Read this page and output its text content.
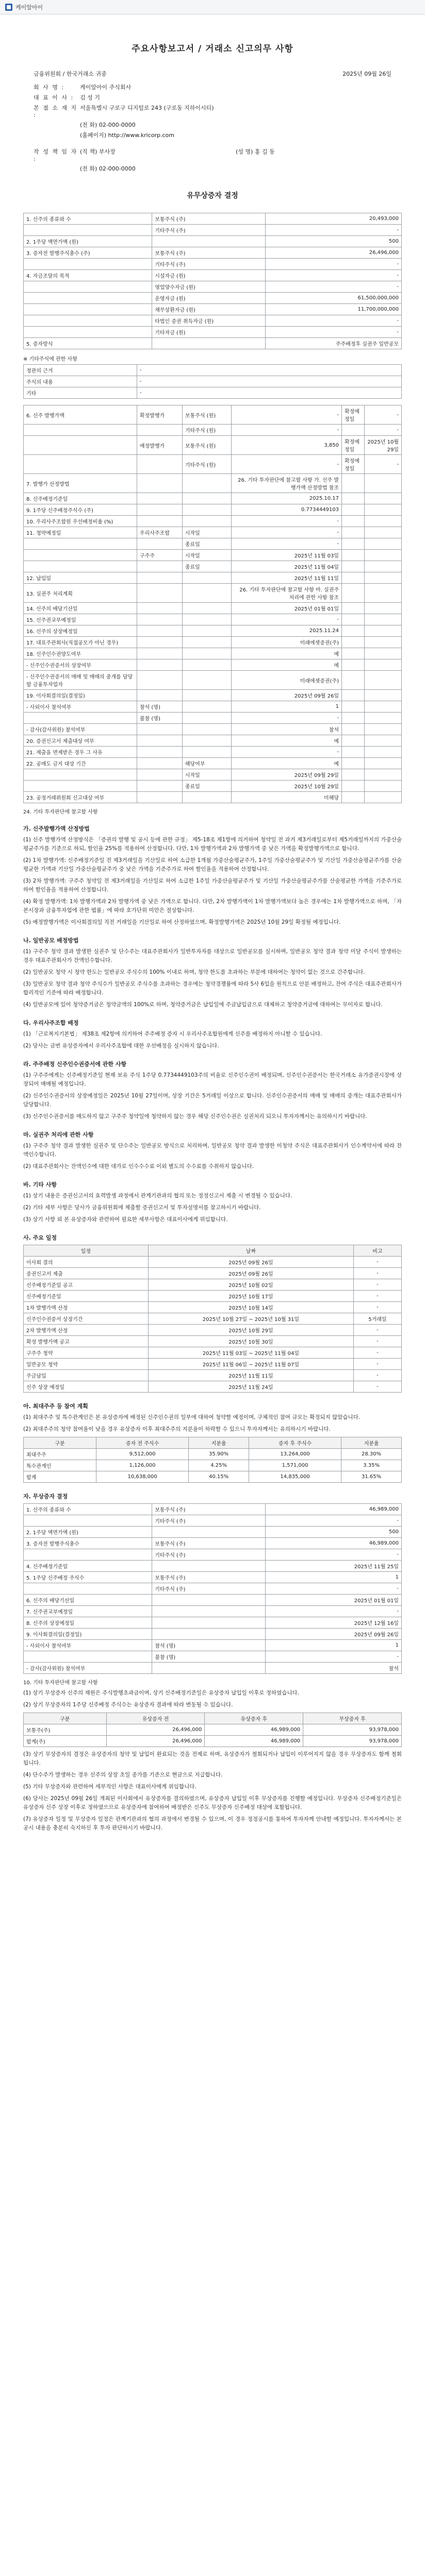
케이알아이
주요사항보고서 / 거래소 신고의무 사항
금융위원회 / 한국거래소 귀중	2025년 09월 26일
회 사 명 :	케이알아이 주식회사
대 표 이 사 :	김 성 기
본 점 소 재 지 :
서울특별시 구로구 디지털로 243 (구로동 지하이시티)
(전 화) 02-000-0000
(홈페이지) http://www.kricorp.com
작 성 책 임 자 :
(직 책) 부사장	(성 명) 홍 길 동
(전 화) 02-000-0000
유무상증자 결정
1. 신주의 종류와 수	보통주식 (주)	20,493,000
	기타주식 (주)	-
2. 1주당 액면가액 (원)		500
3. 증자전 발행주식총수 (주)	보통주식 (주)	26,496,000
	기타주식 (주)	-
4. 자금조달의 목적	시설자금 (원)	-
	영업양수자금 (원)	-
	운영자금 (원)	61,500,000,000
	채무상환자금 (원)	11,700,000,000
	타법인 증권 취득자금 (원)	-
	기타자금 (원)	-
5. 증자방식		주주배정후 실권주 일반공모
※ 기타주식에 관한 사항
정관의 근거	-
주식의 내용	-
기타	-
6. 신주 발행가액	확정발행가	보통주식 (원)	-	확정예정일	-
		기타주식 (원)	-		-
	예정발행가	보통주식 (원)	3,850	확정예정일	2025년 10월 29일
		기타주식 (원)	-	확정예정일	-
7. 발행가 산정방법			26. 기타 투자판단에 참고할 사항 가. 신주 발행가액 산정방법 참조		
8. 신주배정기준일			2025.10.17		
9. 1주당 신주배정주식수 (주)			0.7734449103		
10. 우리사주조합원 우선배정비율 (%)			-		
11. 청약예정일	우리사주조합	시작일	-		
		종료일	-		
	구주주	시작일	2025년 11월 03일		
		종료일	2025년 11월 04일		
12. 납입일			2025년 11월 11일		
13. 실권주 처리계획			26. 기타 투자판단에 참고할 사항 마. 실권주 처리에 관한 사항 참조		
14. 신주의 배당기산일			2025년 01월 01일		
15. 신주권교부예정일			-		
16. 신주의 상장예정일			2025.11.24		
17. 대표주관회사(직접공모가 아닌 경우)			미래에셋증권(주)		
18. 신주인수권양도여부			예		
- 신주인수권증서의 상장여부			예		
- 신주인수권증서의 매매 및 매매의 중개를 담당할 금융투자업자			미래에셋증권(주)		
19. 이사회결의일(결정일)			2025년 09월 26일		
- 사외이사 참석여부	참석 (명)		1		
	불참 (명)		-		
- 감사(감사위원) 참석여부			참석		
20. 증권신고서 제출대상 여부			예		
21. 제출을 면제받은 경우 그 사유			-		
22. 공매도 금지 대상 기간		해당여부	예		
		시작일	2025년 09월 29일		
		종료일	2025년 10월 29일		
23. 공정거래위원회 신고대상 여부			미해당		
24. 기타 투자판단에 참고할 사항
가. 신주발행가액 산정방법
(1) 신주 발행가액 산정방식은 「증권의 발행 및 공시 등에 관한 규정」 제5-18조 제1항에 의거하여 청약일 전 과거 제3거래일로부터 제5거래일까지의 가중산술평균주가를 기준으로 하되, 할인율 25%를 적용하여 산정합니다. 다만, 1차 발행가액과 2차 발행가액 중 낮은 가액을 확정발행가액으로 합니다.
(2) 1차 발행가액: 신주배정기준일 전 제3거래일을 기산일로 하여 소급한 1개월 가중산술평균주가, 1주일 가중산술평균주가 및 기산일 가중산술평균주가를 산술평균한 가액과 기산일 가중산술평균주가 중 낮은 가액을 기준주가로 하여 할인율을 적용하여 산정합니다.
(3) 2차 발행가액: 구주주 청약일 전 제3거래일을 기산일로 하여 소급한 1주일 가중산술평균주가 및 기산일 가중산술평균주가를 산술평균한 가액을 기준주가로 하여 할인율을 적용하여 산정합니다.
(4) 확정 발행가액: 1차 발행가액과 2차 발행가액 중 낮은 가액으로 합니다. 다만, 2차 발행가액이 1차 발행가액보다 높은 경우에는 1차 발행가액으로 하며, 「자본시장과 금융투자업에 관한 법률」에 따라 호가단위 미만은 절상합니다.
(5) 예정발행가액은 이사회결의일 직전 거래일을 기산일로 하여 산정하였으며, 확정발행가액은 2025년 10월 29일 확정될 예정입니다.
나. 일반공모 배정방법
(1) 구주주 청약 결과 발생한 실권주 및 단수주는 대표주관회사가 일반투자자를 대상으로 일반공모를 실시하며, 일반공모 청약 결과 청약 미달 주식이 발생하는 경우 대표주관회사가 잔액인수합니다.
(2) 일반공모 청약 시 청약 한도는 일반공모 주식수의 100% 이내로 하며, 청약 한도를 초과하는 부분에 대하여는 청약이 없는 것으로 간주합니다.
(3) 일반공모 청약 결과 청약 주식수가 일반공모 주식수를 초과하는 경우에는 청약경쟁률에 따라 5사 6입을 원칙으로 안분 배정하고, 잔여 주식은 대표주관회사가 합리적인 기준에 따라 배정합니다.
(4) 일반공모에 있어 청약증거금은 청약금액의 100%로 하며, 청약증거금은 납입일에 주금납입금으로 대체하고 청약증거금에 대하여는 무이자로 합니다.
다. 우리사주조합 배정
(1) 「근로복지기본법」 제38조 제2항에 의거하여 주주배정 증자 시 우리사주조합원에게 신주를 배정하지 아니할 수 있습니다.
(2) 당사는 금번 유상증자에서 우리사주조합에 대한 우선배정을 실시하지 않습니다.
라. 주주배정 신주인수권증서에 관한 사항
(1) 구주주에게는 신주배정기준일 현재 보유 주식 1주당 0.7734449103주의 비율로 신주인수권이 배정되며, 신주인수권증서는 한국거래소 유가증권시장에 상장되어 매매될 예정입니다.
(2) 신주인수권증서의 상장예정일은 2025년 10월 27일이며, 상장 기간은 5거래일 이상으로 합니다. 신주인수권증서의 매매 및 매매의 중개는 대표주관회사가 담당합니다.
(3) 신주인수권증서를 매도하지 않고 구주주 청약일에 청약하지 않는 경우 해당 신주인수권은 실권처리 되오니 투자자께서는 유의하시기 바랍니다.
마. 실권주 처리에 관한 사항
(1) 구주주 청약 결과 발생한 실권주 및 단수주는 일반공모 방식으로 처리하며, 일반공모 청약 결과 발생한 미청약 주식은 대표주관회사가 인수계약서에 따라 잔액인수합니다.
(2) 대표주관회사는 잔액인수에 대한 대가로 인수수수료 이외 별도의 수수료를 수취하지 않습니다.
바. 기타 사항
(1) 상기 내용은 증권신고서의 효력발생 과정에서 관계기관과의 협의 또는 정정신고서 제출 시 변경될 수 있습니다.
(2) 기타 세부 사항은 당사가 금융위원회에 제출할 증권신고서 및 투자설명서를 참고하시기 바랍니다.
(3) 상기 사항 외 본 유상증자와 관련하여 필요한 세부사항은 대표이사에게 위임합니다.
사. 주요 일정
일정	날짜	비고
이사회 결의	2025년 09월 26일	-
증권신고서 제출	2025년 09월 26일	-
신주배정기준일 공고	2025년 10월 02일	-
신주배정기준일	2025년 10월 17일	-
1차 발행가액 산정	2025년 10월 14일	-
신주인수권증서 상장기간	2025년 10월 27일 ~ 2025년 10월 31일	5거래일
2차 발행가액 산정	2025년 10월 29일	-
확정 발행가액 공고	2025년 10월 30일	-
구주주 청약	2025년 11월 03일 ~ 2025년 11월 04일	-
일반공모 청약	2025년 11월 06일 ~ 2025년 11월 07일	-
주금납입	2025년 11월 11일	-
신주 상장 예정일	2025년 11월 24일	-
아. 최대주주 등 참여 계획
(1) 최대주주 및 특수관계인은 본 유상증자에 배정된 신주인수권의 일부에 대하여 청약할 예정이며, 구체적인 참여 규모는 확정되지 않았습니다.
(2) 최대주주의 청약 참여율이 낮을 경우 유상증자 이후 최대주주의 지분율이 하락할 수 있으니 투자자께서는 유의하시기 바랍니다.
구분	증자 전 주식수	지분율	증자 후 주식수	지분율
최대주주	9,512,000	35.90%	13,264,000	28.30%
특수관계인	1,126,000	4.25%	1,571,000	3.35%
합계	10,638,000	40.15%	14,835,000	31.65%
자. 무상증자 결정
1. 신주의 종류와 수	보통주식 (주)	46,989,000
	기타주식 (주)	-
2. 1주당 액면가액 (원)		500
3. 증자전 발행주식총수	보통주식 (주)	46,989,000
	기타주식 (주)	-
4. 신주배정기준일		2025년 11월 25일
5. 1주당 신주배정 주식수	보통주식 (주)	1
	기타주식 (주)	-
6. 신주의 배당기산일		2025년 01월 01일
7. 신주권교부예정일		-
8. 신주의 상장예정일		2025년 12월 16일
9. 이사회결의일(결정일)		2025년 09월 26일
- 사외이사 참석여부	참석 (명)	1
	불참 (명)	-
- 감사(감사위원) 참석여부		참석
10. 기타 투자판단에 참고할 사항
(1) 상기 무상증자 신주의 재원은 주식발행초과금이며, 상기 신주배정기준일은 유상증자 납입일 이후로 정하였습니다.
(2) 상기 무상증자의 1주당 신주배정 주식수는 유상증자 결과에 따라 변동될 수 있습니다.
구분	유상증자 전	유상증자 후	무상증자 후
보통주(주)	26,496,000	46,989,000	93,978,000
합계(주)	26,496,000	46,989,000	93,978,000
(3) 상기 무상증자의 결정은 유상증자의 청약 및 납입이 완료되는 것을 전제로 하며, 유상증자가 철회되거나 납입이 이루어지지 않을 경우 무상증자도 함께 철회됩니다.
(4) 단수주가 발생하는 경우 신주의 상장 초일 종가를 기준으로 현금으로 지급합니다.
(5) 기타 무상증자와 관련하여 세부적인 사항은 대표이사에게 위임합니다.
(6) 당사는 2025년 09월 26일 개최된 이사회에서 유상증자를 결의하였으며, 유상증자 납입일 이후 무상증자를 진행할 예정입니다. 무상증자 신주배정기준일은 유상증자 신주 상장 이후로 정하였으므로 유상증자에 참여하여 배정받은 신주도 무상증자 신주배정 대상에 포함됩니다.
(7) 유상증자 일정 및 무상증자 일정은 관계기관과의 협의 과정에서 변경될 수 있으며, 이 경우 정정공시를 통하여 투자자께 안내할 예정입니다. 투자자께서는 본 공시 내용을 충분히 숙지하신 후 투자 판단하시기 바랍니다.
